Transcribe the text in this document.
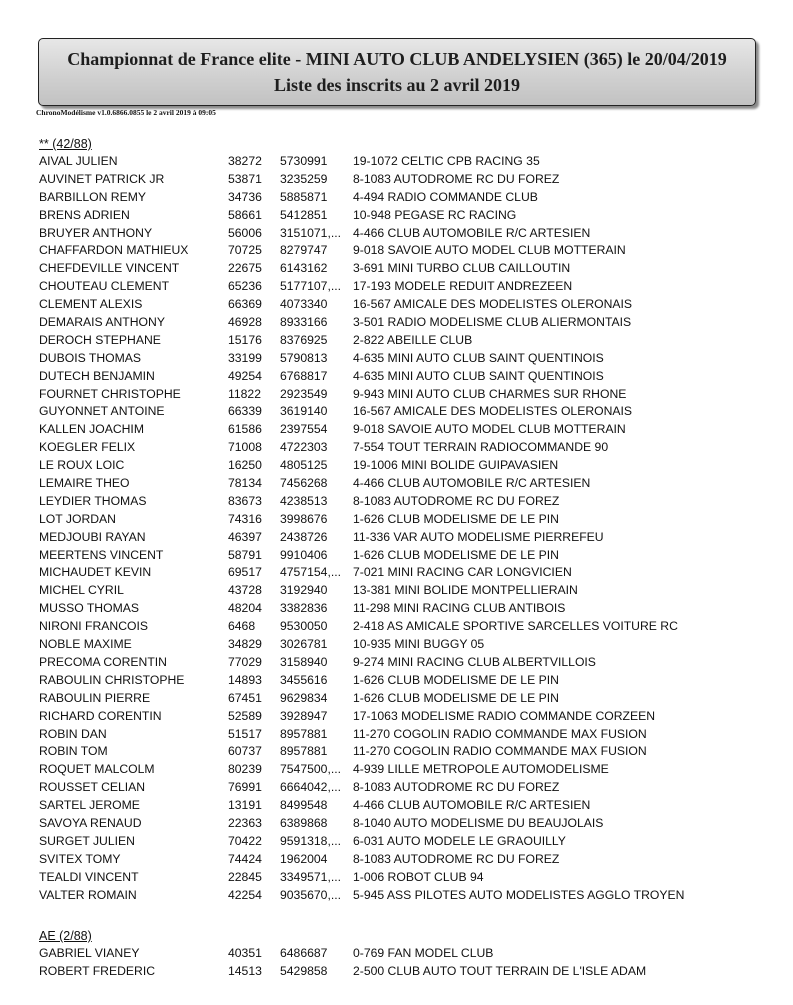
Championnat de France elite - MINI AUTO CLUB ANDELYSIEN (365) le 20/04/2019
Liste des inscrits au 2 avril 2019
ChronoModélisme v1.0.6866.0855 le 2 avril 2019 à 09:05
** (42/88)
AIVAL JULIEN	38272 5730991 19-1072 CELTIC CPB RACING 35
AUVINET PATRICK JR	53871 3235259 8-1083 AUTODROME RC DU FOREZ
BARBILLON REMY	34736 5885871 4-494 RADIO COMMANDE CLUB
BRENS ADRIEN	58661 5412851 10-948 PEGASE RC RACING
BRUYER ANTHONY	56006 3151071,... 4-466 CLUB AUTOMOBILE R/C ARTESIEN
CHAFFARDON MATHIEUX	70725 8279747 9-018 SAVOIE AUTO MODEL CLUB MOTTERAIN
CHEFDEVILLE VINCENT	22675 6143162 3-691 MINI TURBO CLUB CAILLOUTIN
CHOUTEAU CLEMENT	65236 5177107,... 17-193 MODELE REDUIT ANDREZEEN
CLEMENT ALEXIS	66369 4073340 16-567 AMICALE DES MODELISTES OLERONAIS
DEMARAIS ANTHONY	46928 8933166 3-501 RADIO MODELISME CLUB ALIERMONTAIS
DEROCH STEPHANE	15176 8376925 2-822 ABEILLE CLUB
DUBOIS THOMAS	33199 5790813 4-635 MINI AUTO CLUB SAINT QUENTINOIS
DUTECH BENJAMIN	49254 6768817 4-635 MINI AUTO CLUB SAINT QUENTINOIS
FOURNET CHRISTOPHE	11822 2923549 9-943 MINI AUTO CLUB CHARMES SUR RHONE
GUYONNET ANTOINE	66339 3619140 16-567 AMICALE DES MODELISTES OLERONAIS
KALLEN JOACHIM	61586 2397554 9-018 SAVOIE AUTO MODEL CLUB MOTTERAIN
KOEGLER FELIX	71008 4722303 7-554 TOUT TERRAIN RADIOCOMMANDE 90
LE ROUX LOIC	16250 4805125 19-1006 MINI BOLIDE GUIPAVASIEN
LEMAIRE THEO	78134 7456268 4-466 CLUB AUTOMOBILE R/C ARTESIEN
LEYDIER THOMAS	83673 4238513 8-1083 AUTODROME RC DU FOREZ
LOT JORDAN	74316 3998676 1-626 CLUB MODELISME DE LE PIN
MEDJOUBI RAYAN	46397 2438726 11-336 VAR AUTO MODELISME PIERREFEU
MEERTENS VINCENT	58791 9910406 1-626 CLUB MODELISME DE LE PIN
MICHAUDET KEVIN	69517 4757154,... 7-021 MINI RACING CAR LONGVICIEN
MICHEL CYRIL	43728 3192940 13-381 MINI BOLIDE MONTPELLIERAIN
MUSSO THOMAS	48204 3382836 11-298 MINI RACING CLUB ANTIBOIS
NIRONI FRANCOIS	6468 9530050 2-418 AS AMICALE SPORTIVE SARCELLES VOITURE RC
NOBLE MAXIME	34829 3026781 10-935 MINI BUGGY 05
PRECOMA CORENTIN	77029 3158940 9-274 MINI RACING CLUB ALBERTVILLOIS
RABOULIN CHRISTOPHE	14893 3455616 1-626 CLUB MODELISME DE LE PIN
RABOULIN PIERRE	67451 9629834 1-626 CLUB MODELISME DE LE PIN
RICHARD CORENTIN	52589 3928947 17-1063 MODELISME RADIO COMMANDE CORZEEN
ROBIN DAN	51517 8957881 11-270 COGOLIN RADIO COMMANDE MAX FUSION
ROBIN TOM	60737 8957881 11-270 COGOLIN RADIO COMMANDE MAX FUSION
ROQUET MALCOLM	80239 7547500,... 4-939 LILLE METROPOLE AUTOMODELISME
ROUSSET CELIAN	76991 6664042,... 8-1083 AUTODROME RC DU FOREZ
SARTEL JEROME	13191 8499548 4-466 CLUB AUTOMOBILE R/C ARTESIEN
SAVOYA RENAUD	22363 6389868 8-1040 AUTO MODELISME DU BEAUJOLAIS
SURGET JULIEN	70422 9591318,... 6-031 AUTO MODELE LE GRAOUILLY
SVITEX TOMY	74424 1962004 8-1083 AUTODROME RC DU FOREZ
TEALDI VINCENT	22845 3349571,... 1-006 ROBOT CLUB 94
VALTER ROMAIN	42254 9035670,... 5-945 ASS PILOTES AUTO MODELISTES AGGLO TROYEN
AE (2/88)
GABRIEL VIANEY	40351 6486687 0-769 FAN MODEL CLUB
ROBERT FREDERIC	14513 5429858 2-500 CLUB AUTO TOUT TERRAIN DE L'ISLE ADAM
